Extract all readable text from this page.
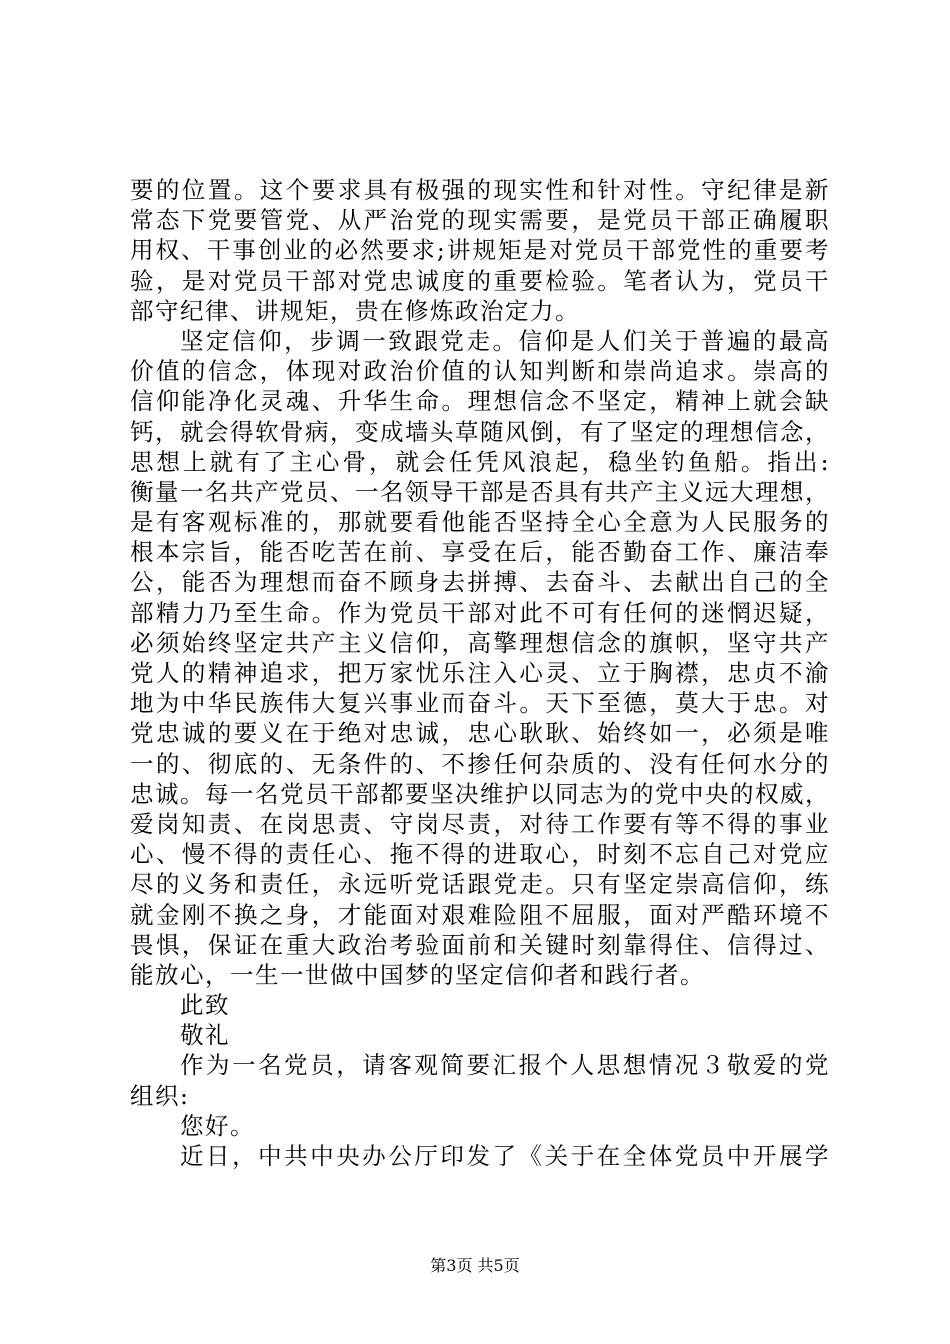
要的位置。这个要求具有极强的现实性和针对性。守纪律是新
常态下党要管党、从严治党的现实需要，是党员干部正确履职
用权、干事创业的必然要求;讲规矩是对党员干部党性的重要考
验，是对党员干部对党忠诚度的重要检验。笔者认为，党员干
部守纪律、讲规矩，贵在修炼政治定力。
坚定信仰，步调一致跟党走。信仰是人们关于普遍的最高
价值的信念，体现对政治价值的认知判断和崇尚追求。崇高的
信仰能净化灵魂、升华生命。理想信念不坚定，精神上就会缺
钙，就会得软骨病，变成墙头草随风倒，有了坚定的理想信念，
思想上就有了主心骨，就会任凭风浪起，稳坐钓鱼船。指出:
衡量一名共产党员、一名领导干部是否具有共产主义远大理想，
是有客观标准的，那就要看他能否坚持全心全意为人民服务的
根本宗旨，能否吃苦在前、享受在后，能否勤奋工作、廉洁奉
公，能否为理想而奋不顾身去拼搏、去奋斗、去献出自己的全
部精力乃至生命。作为党员干部对此不可有任何的迷惘迟疑，
必须始终坚定共产主义信仰，高擎理想信念的旗帜，坚守共产
党人的精神追求，把万家忧乐注入心灵、立于胸襟，忠贞不渝
地为中华民族伟大复兴事业而奋斗。天下至德，莫大于忠。对
党忠诚的要义在于绝对忠诚，忠心耿耿、始终如一，必须是唯
一的、彻底的、无条件的、不掺任何杂质的、没有任何水分的
忠诚。每一名党员干部都要坚决维护以同志为的党中央的权威，
爱岗知责、在岗思责、守岗尽责，对待工作要有等不得的事业
心、慢不得的责任心、拖不得的进取心，时刻不忘自己对党应
尽的义务和责任，永远听党话跟党走。只有坚定崇高信仰，练
就金刚不换之身，才能面对艰难险阻不屈服，面对严酷环境不
畏惧，保证在重大政治考验面前和关键时刻靠得住、信得过、
能放心，一生一世做中国梦的坚定信仰者和践行者。
此致
敬礼
作为一名党员，请客观简要汇报个人思想情况３敬爱的党
组织:
您好。
近日，中共中央办公厅印发了《关于在全体党员中开展学
第3页 共5页
